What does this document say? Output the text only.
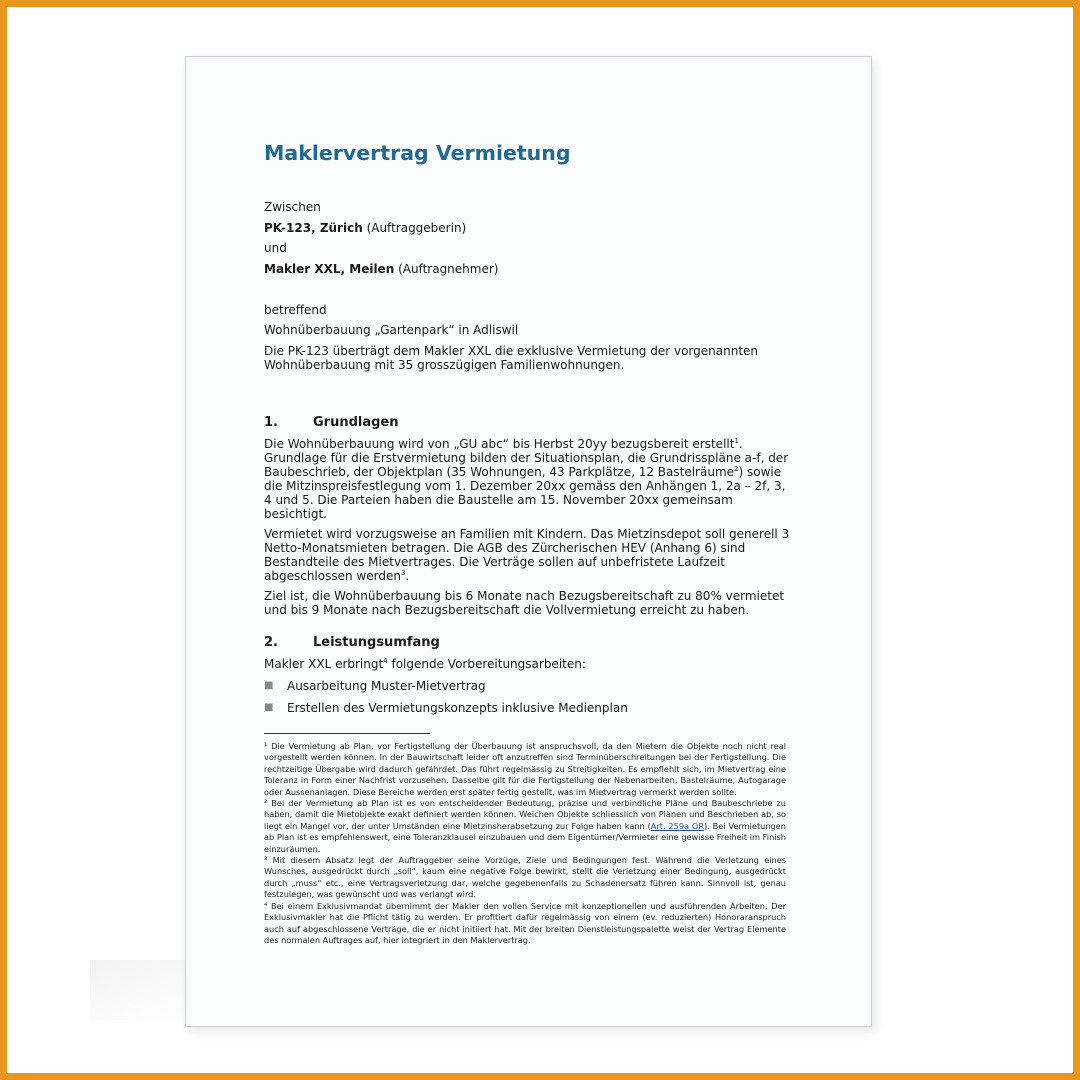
Maklervertrag Vermietung

Zwischen

PK-123, Zürich (Auftraggeberin)

und

Makler XXL, Meilen (Auftragnehmer)

betreffend

Wohnüberbauung „Gartenpark“ in Adliswil

Die PK-123 überträgt dem Makler XXL die exklusive Vermietung der vorgenannten Wohnüberbauung mit 35 grosszügigen Familienwohnungen.

1.	Grundlagen

Die Wohnüberbauung wird von „GU abc“ bis Herbst 20yy bezugsbereit erstellt$^1$. Grundlage für die Erstvermietung bilden der Situationsplan, die Grundrisspläne a-f, der Baubeschrieb, der Objektplan (35 Wohnungen, 43 Parkplätze, 12 Bastelräume$^2$) sowie die Mitzinspreisfestlegung vom 1. Dezember 20xx gemäss den Anhängen 1, 2a – 2f, 3, 4 und 5. Die Parteien haben die Baustelle am 15. November 20xx gemeinsam besichtigt.

Vermietet wird vorzugsweise an Familien mit Kindern. Das Mietzinsdepot soll generell 3 Netto-Monatsmieten betragen. Die AGB des Zürcherischen HEV (Anhang 6) sind Bestandteile des Mietvertrages. Die Verträge sollen auf unbefristete Laufzeit abgeschlossen werden$^3$.

Ziel ist, die Wohnüberbauung bis 6 Monate nach Bezugsbereitschaft zu 80% vermietet und bis 9 Monate nach Bezugsbereitschaft die Vollvermietung erreicht zu haben.

2.	Leistungsumfang

Makler XXL erbringt$^4$ folgende Vorbereitungsarbeiten:

■	Ausarbeitung Muster-Mietvertrag
■	Erstellen des Vermietungskonzepts inklusive Medienplan
¹ Die Vermietung ab Plan, vor Fertigstellung der Überbauung ist anspruchsvoll, da den Mietern die Objekte noch nicht real vorgestellt werden können. In der Bauwirtschaft leider oft anzutreffen sind Terminüberschreitungen bei der Fertigstellung. Die rechtzeitige Übergabe wird dadurch gefährdet. Das führt regelmässig zu Streitigkeiten. Es empfiehlt sich, im Mietvertrag eine Toleranz in Form einer Nachfrist vorzusehen. Dasselbe gilt für die Fertigstellung der Nebenarbeiten, Bastelräume, Autogarage oder Aussenanlagen. Diese Bereiche werden erst später fertig gestellt, was im Mietvertrag vermerkt werden sollte.
² Bei der Vermietung ab Plan ist es von entscheidender Bedeutung, präzise und verbindliche Pläne und Baubeschriebe zu haben, damit die Mietobjekte exakt definiert werden können. Weichen Objekte schliesslich von Plänen und Beschrieben ab, so liegt ein Mangel vor, der unter Umständen eine Mietzinsherabsetzung zur Folge haben kann (Art. 259a OR). Bei Vermietungen ab Plan ist es empfehlenswert, eine Toleranzklausel einzubauen und dem Eigentümer/Vermieter eine gewisse Freiheit im Finish einzuräumen.
³ Mit diesem Absatz legt der Auftraggeber seine Vorzüge, Ziele und Bedingungen fest. Während die Verletzung eines Wunsches, ausgedrückt durch „soll“, kaum eine negative Folge bewirkt, stellt die Verletzung einer Bedingung, ausgedrückt durch „muss“ etc., eine Vertragsverletzung dar, welche gegebenenfalls zu Schadenersatz führen kann. Sinnvoll ist, genau festzulegen, was gewünscht und was verlangt wird.
⁴ Bei einem Exklusivmandat übernimmt der Makler den vollen Service mit konzeptionellen und ausführenden Arbeiten. Der Exklusivmakler hat die Pflicht tätig zu werden. Er profitiert dafür regelmässig von einem (ev. reduzierten) Honoraranspruch auch auf abgeschlossene Verträge, die er nicht initiiert hat. Mit der breiten Dienstleistungspalette weist der Vertrag Elemente des normalen Auftrages auf, hier integriert in den Maklervertrag.
